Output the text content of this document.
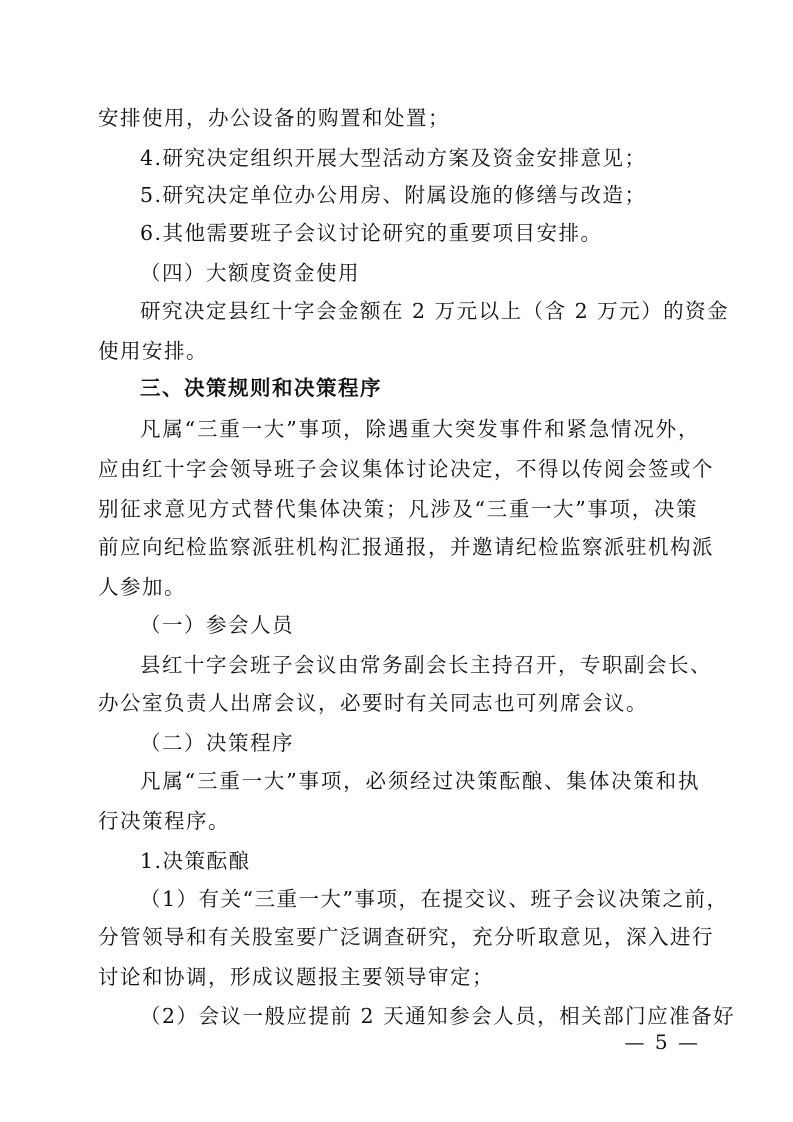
安排使用，办公设备的购置和处置；
4.研究决定组织开展大型活动方案及资金安排意见；
5.研究决定单位办公用房、附属设施的修缮与改造；
6.其他需要班子会议讨论研究的重要项目安排。
（四）大额度资金使用
研究决定县红十字会金额在 2 万元以上（含 2 万元）的资金
使用安排。
三、决策规则和决策程序
凡属“三重一大”事项，除遇重大突发事件和紧急情况外，
应由红十字会领导班子会议集体讨论决定，不得以传阅会签或个
别征求意见方式替代集体决策；凡涉及“三重一大”事项，决策
前应向纪检监察派驻机构汇报通报，并邀请纪检监察派驻机构派
人参加。
（一）参会人员
县红十字会班子会议由常务副会长主持召开，专职副会长、
办公室负责人出席会议，必要时有关同志也可列席会议。
（二）决策程序
凡属“三重一大”事项，必须经过决策酝酿、集体决策和执
行决策程序。
1.决策酝酿
（1）有关“三重一大”事项，在提交议、班子会议决策之前，
分管领导和有关股室要广泛调查研究，充分听取意见，深入进行
讨论和协调，形成议题报主要领导审定；
（2）会议一般应提前 2 天通知参会人员，相关部门应准备好
— 5 —
